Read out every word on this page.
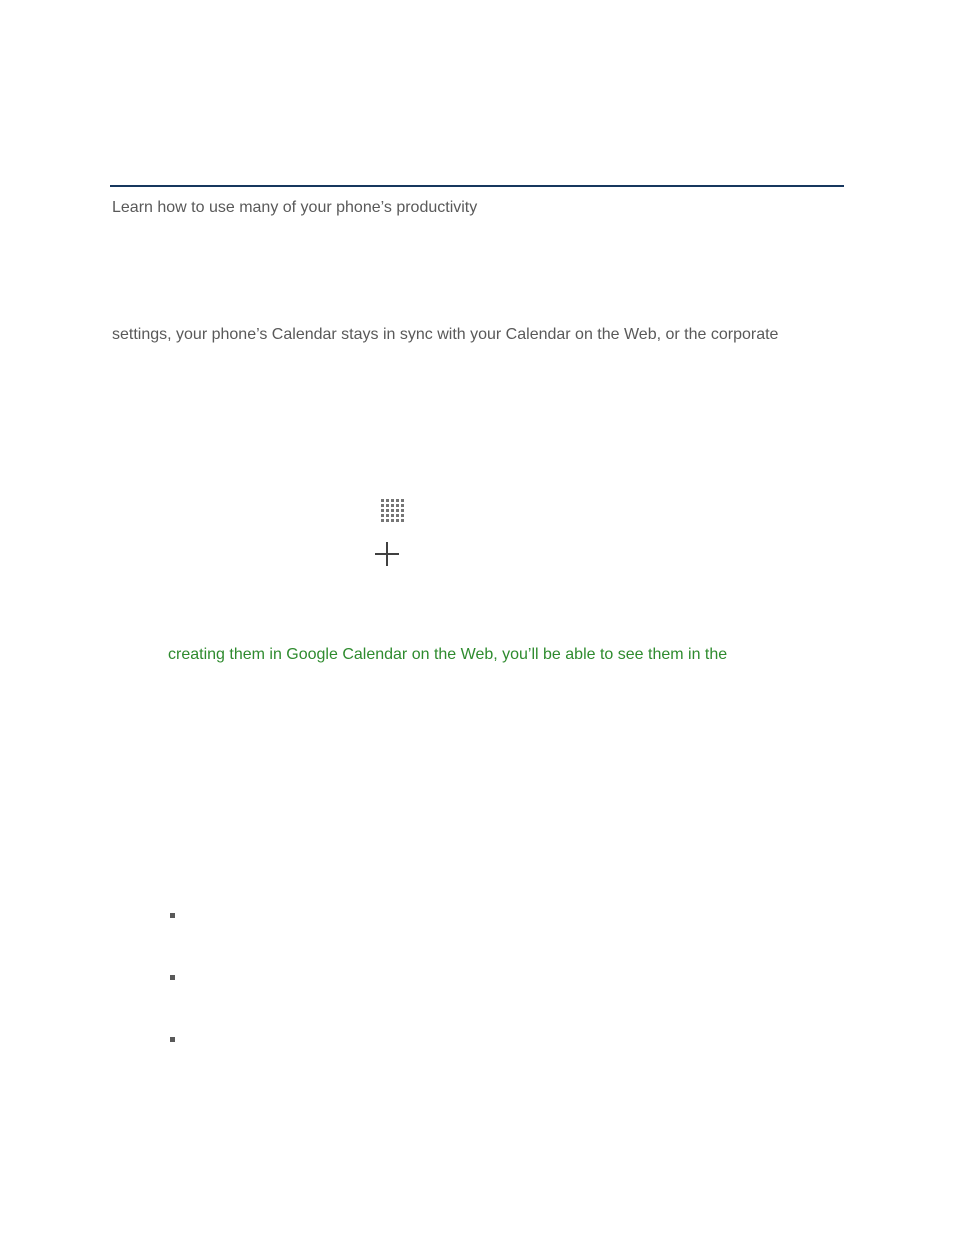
Learn how to use many of your phone’s productivity
settings, your phone’s Calendar stays in sync with your Calendar on the Web, or the corporate
creating them in Google Calendar on the Web, you’ll be able to see them in the
